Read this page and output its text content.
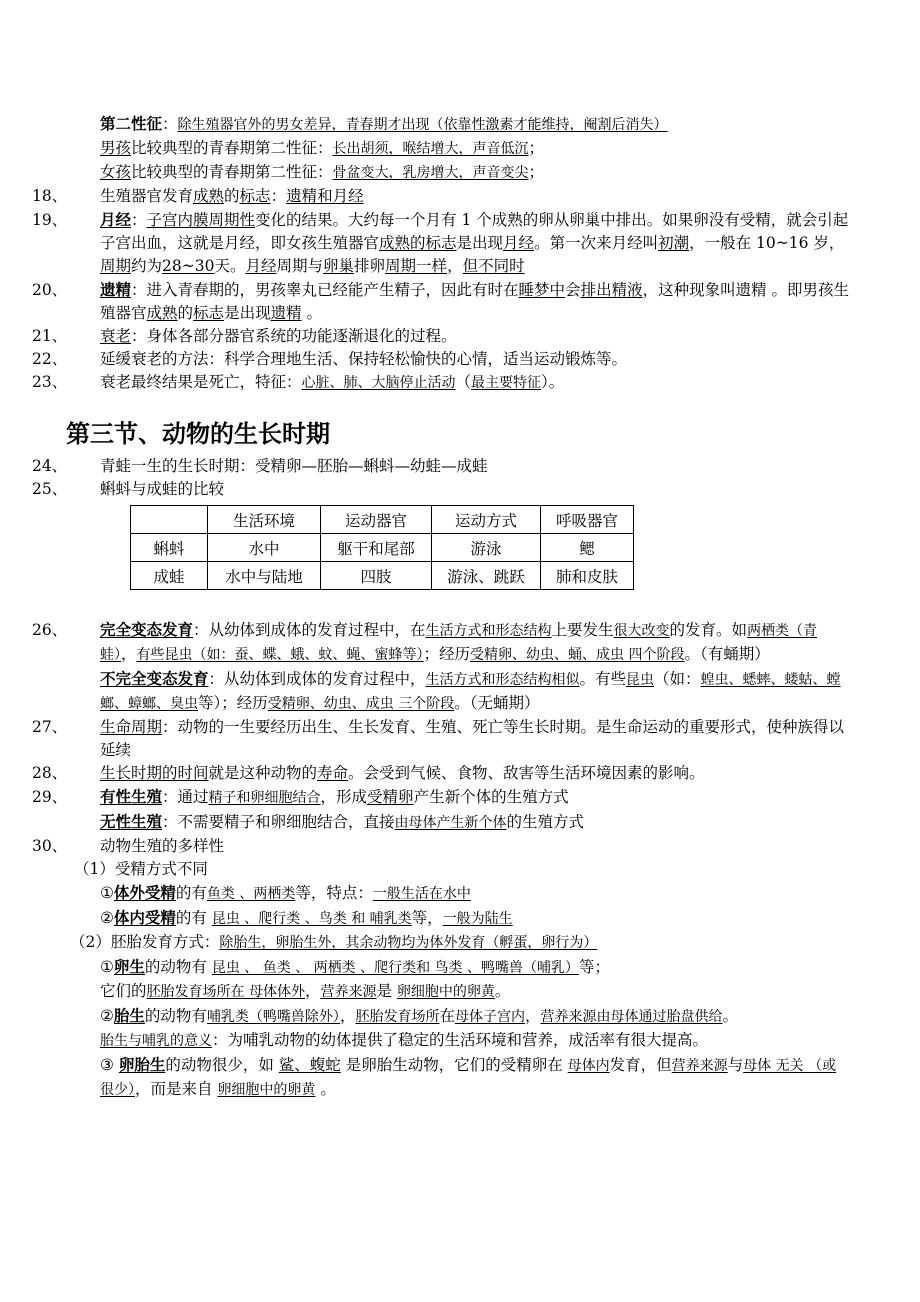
第二性征：除生殖器官外的男女差异，青春期才出现（依靠性激素才能维持，阉割后消失）
男孩比较典型的青春期第二性征：长出胡须，喉结增大，声音低沉；
女孩比较典型的青春期第二性征：骨盆变大，乳房增大，声音变尖；
18、 生殖器官发育成熟的标志：遗精和月经
19、 月经：子宫内膜周期性变化的结果。大约每一个月有 1 个成熟的卵从卵巢中排出。如果卵没有受精，就会引起子宫出血，这就是月经，即女孩生殖器官成熟的标志是出现月经。第一次来月经叫初潮，一般在 10~16 岁，周期约为28~30天。月经周期与卵巢排卵周期一样，但不同时
20、 遗精：进入青春期的，男孩睾丸已经能产生精子，因此有时在睡梦中会排出精液，这种现象叫遗精 。即男孩生殖器官成熟的标志是出现遗精 。
21、 衰老：身体各部分器官系统的功能逐渐退化的过程。
22、 延缓衰老的方法：科学合理地生活、保持轻松愉快的心情，适当运动锻炼等。
23、 衰老最终结果是死亡，特征：心脏、肺、大脑停止活动（最主要特征）。
第三节、动物的生长时期
24、 青蛙一生的生长时期：受精卵—胚胎—蝌蚪—幼蛙—成蛙
25、 蝌蚪与成蛙的比较
	生活环境	运动器官	运动方式	呼吸器官
蝌蚪	水中	躯干和尾部	游泳	鳃
成蛙	水中与陆地	四肢	游泳、跳跃	肺和皮肤
26、 完全变态发育：从幼体到成体的发育过程中，在生活方式和形态结构上要发生很大改变的发育。如两栖类（青蛙），有些昆虫（如：蚕、蝶、蛾、蚊、蝇、蜜蜂等）；经历受精卵、幼虫、蛹、成虫 四个阶段。（有蛹期）
不完全变态发育：从幼体到成体的发育过程中，生活方式和形态结构相似。有些昆虫（如：蝗虫、蟋蟀、蝼蛄、螳螂、蟑螂、臭虫等）；经历受精卵、幼虫、成虫 三个阶段。（无蛹期）
27、 生命周期：动物的一生要经历出生、生长发育、生殖、死亡等生长时期。是生命运动的重要形式，使种族得以延续
28、 生长时期的时间就是这种动物的寿命。会受到气候、食物、敌害等生活环境因素的影响。
29、 有性生殖：通过精子和卵细胞结合，形成受精卵产生新个体的生殖方式
无性生殖：不需要精子和卵细胞结合，直接由母体产生新个体的生殖方式
30、 动物生殖的多样性
（1）受精方式不同
①体外受精的有鱼类 、两栖类等，特点：一般生活在水中
②体内受精的有 昆虫 、爬行类 、鸟类 和 哺乳类等，一般为陆生
（2）胚胎发育方式：除胎生，卵胎生外，其余动物均为体外发育（孵蛋，卵行为）
①卵生的动物有 昆虫 、 鱼类 、 两栖类 、爬行类和 鸟类 、鸭嘴兽（哺乳）等；
它们的胚胎发育场所在 母体体外，营养来源是 卵细胞中的卵黄。
②胎生的动物有哺乳类（鸭嘴兽除外），胚胎发育场所在母体子宫内，营养来源由母体通过胎盘供给。
胎生与哺乳的意义：为哺乳动物的幼体提供了稳定的生活环境和营养，成活率有很大提高。
③ 卵胎生的动物很少，如 鲨、蝮蛇 是卵胎生动物，它们的受精卵在 母体内发育，但营养来源与母体 无关 （或很少），而是来自 卵细胞中的卵黄 。
